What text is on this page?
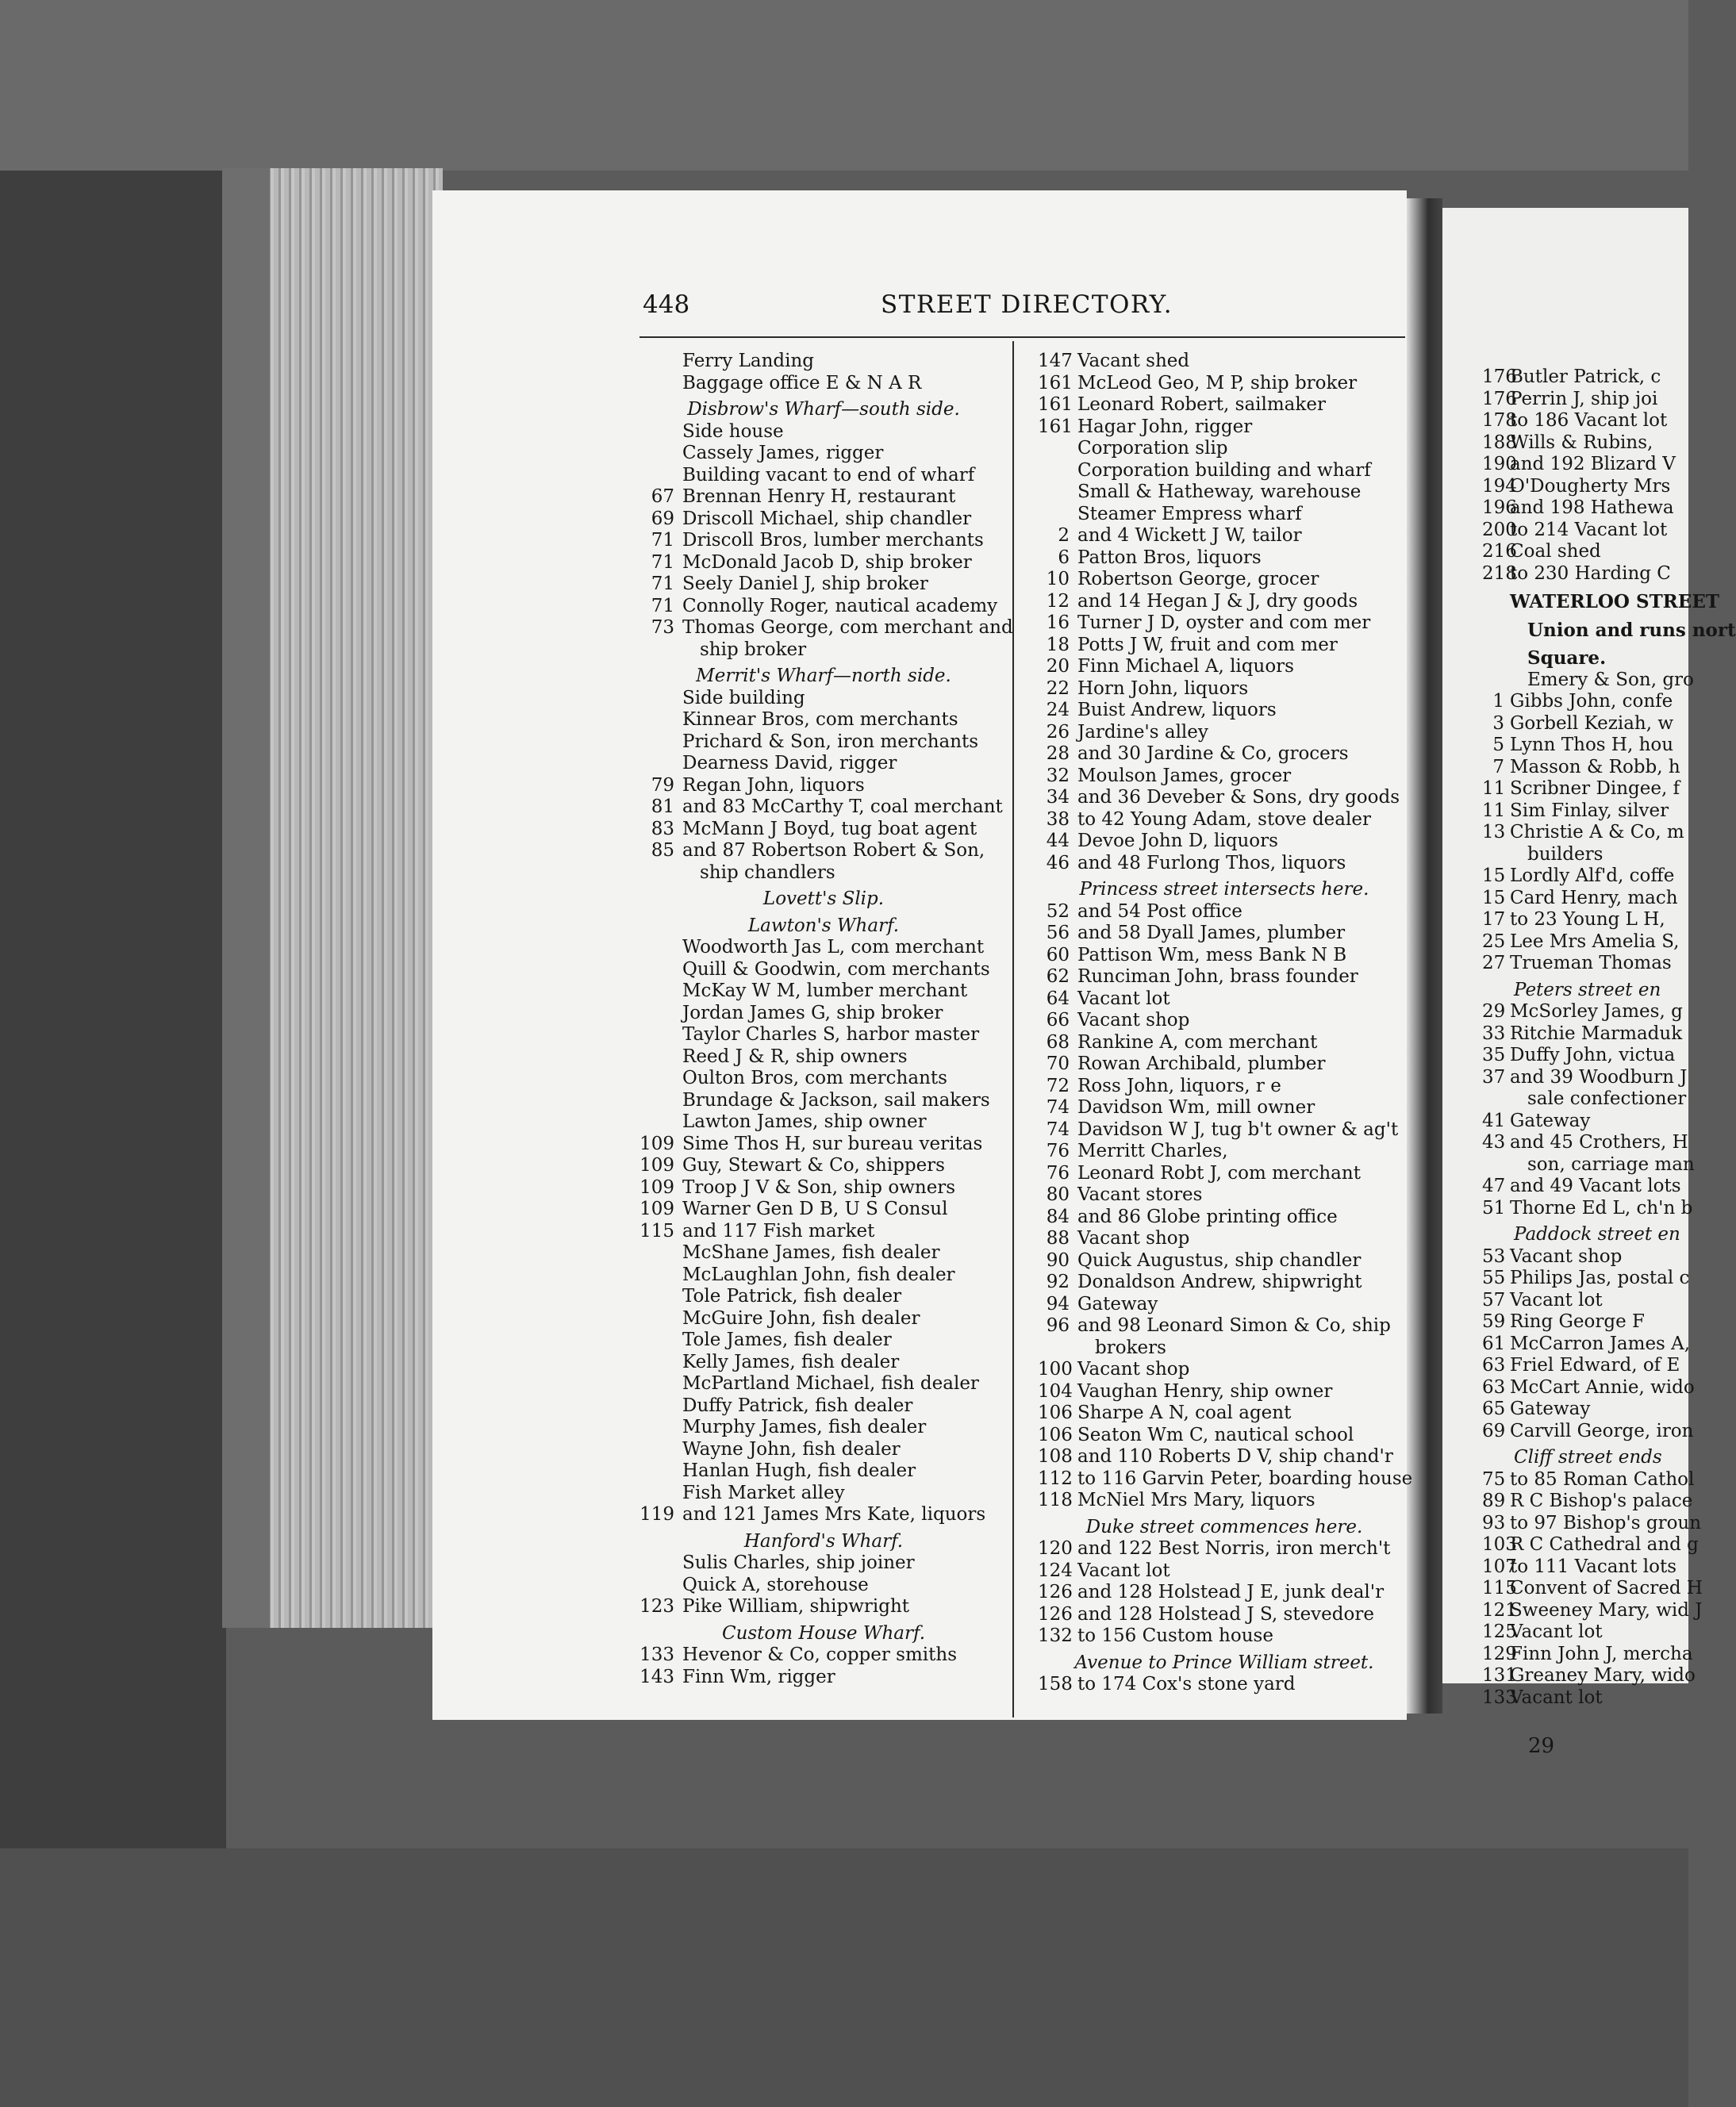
448	STREET DIRECTORY.
Ferry Landing
Baggage office E & N A R
Disbrow's Wharf—south side.
Side house
Cassely James, rigger
Building vacant to end of wharf
67 Brennan Henry H, restaurant
69 Driscoll Michael, ship chandler
71 Driscoll Bros, lumber merchants
71 McDonald Jacob D, ship broker
71 Seely Daniel J, ship broker
71 Connolly Roger, nautical academy
73 Thomas George, com merchant and
ship broker
Merrit's Wharf—north side.
Side building
Kinnear Bros, com merchants
Prichard & Son, iron merchants
Dearness David, rigger
79 Regan John, liquors
81 and 83 McCarthy T, coal merchant
83 McMann J Boyd, tug boat agent
85 and 87 Robertson Robert & Son,
ship chandlers
Lovett's Slip.
Lawton's Wharf.
Woodworth Jas L, com merchant
Quill & Goodwin, com merchants
McKay W M, lumber merchant
Jordan James G, ship broker
Taylor Charles S, harbor master
Reed J & R, ship owners
Oulton Bros, com merchants
Brundage & Jackson, sail makers
Lawton James, ship owner
109 Sime Thos H, sur bureau veritas
109 Guy, Stewart & Co, shippers
109 Troop J V & Son, ship owners
109 Warner Gen D B, U S Consul
115 and 117 Fish market
McShane James, fish dealer
McLaughlan John, fish dealer
Tole Patrick, fish dealer
McGuire John, fish dealer
Tole James, fish dealer
Kelly James, fish dealer
McPartland Michael, fish dealer
Duffy Patrick, fish dealer
Murphy James, fish dealer
Wayne John, fish dealer
Hanlan Hugh, fish dealer
Fish Market alley
119 and 121 James Mrs Kate, liquors
Hanford's Wharf.
Sulis Charles, ship joiner
Quick A, storehouse
123 Pike William, shipwright
Custom House Wharf.
133 Hevenor & Co, copper smiths
143 Finn Wm, rigger
147 Vacant shed
161 McLeod Geo, M P, ship broker
161 Leonard Robert, sailmaker
161 Hagar John, rigger
Corporation slip
Corporation building and wharf
Small & Hatheway, warehouse
Steamer Empress wharf
2 and 4 Wickett J W, tailor
6 Patton Bros, liquors
10 Robertson George, grocer
12 and 14 Hegan J & J, dry goods
16 Turner J D, oyster and com mer
18 Potts J W, fruit and com mer
20 Finn Michael A, liquors
22 Horn John, liquors
24 Buist Andrew, liquors
26 Jardine's alley
28 and 30 Jardine & Co, grocers
32 Moulson James, grocer
34 and 36 Deveber & Sons, dry goods
38 to 42 Young Adam, stove dealer
44 Devoe John D, liquors
46 and 48 Furlong Thos, liquors
Princess street intersects here.
52 and 54 Post office
56 and 58 Dyall James, plumber
60 Pattison Wm, mess Bank N B
62 Runciman John, brass founder
64 Vacant lot
66 Vacant shop
68 Rankine A, com merchant
70 Rowan Archibald, plumber
72 Ross John, liquors, r e
74 Davidson Wm, mill owner
74 Davidson W J, tug b't owner & ag't
76 Merritt Charles,
76 Leonard Robt J, com merchant
80 Vacant stores
84 and 86 Globe printing office
88 Vacant shop
90 Quick Augustus, ship chandler
92 Donaldson Andrew, shipwright
94 Gateway
96 and 98 Leonard Simon & Co, ship
brokers
100 Vacant shop
104 Vaughan Henry, ship owner
106 Sharpe A N, coal agent
106 Seaton Wm C, nautical school
108 and 110 Roberts D V, ship chand'r
112 to 116 Garvin Peter, boarding house
118 McNiel Mrs Mary, liquors
Duke street commences here.
120 and 122 Best Norris, iron merch't
124 Vacant lot
126 and 128 Holstead J E, junk deal'r
126 and 128 Holstead J S, stevedore
132 to 156 Custom house
Avenue to Prince William street.
158 to 174 Cox's stone yard
176
Butler Patrick, c
176
Perrin J, ship joi
178
to 186 Vacant lot
188
Wills & Rubins,
190
and 192 Blizard V
194
O'Dougherty Mrs
196
and 198 Hathewa
200
to 214 Vacant lot
216
Coal shed
218
to 230 Harding C
WATERLOO STREET
Union and runs nort
Square.
Emery & Son, gro
1 Gibbs John, confe
3 Gorbell Keziah, w
5 Lynn Thos H, hou
7 Masson & Robb, h
11 Scribner Dingee, f
11 Sim Finlay, silver
13 Christie A & Co, m
builders
15 Lordly Alf'd, coffe
15 Card Henry, mach
17 to 23 Young L H,
25 Lee Mrs Amelia S,
27 Trueman Thomas
Peters street en
29 McSorley James, g
33 Ritchie Marmaduk
35 Duffy John, victua
37 and 39 Woodburn J
sale confectioner
41 Gateway
43 and 45 Crothers, H
son, carriage man
47 and 49 Vacant lots
51 Thorne Ed L, ch'n b
Paddock street en
53 Vacant shop
55 Philips Jas, postal c
57 Vacant lot
59 Ring George F
61 McCarron James A,
63 Friel Edward, of E
63 McCart Annie, wido
65 Gateway
69 Carvill George, iron
Cliff street ends
75 to 85 Roman Cathol
89 R C Bishop's palace
93 to 97 Bishop's groun
103
R C Cathedral and g
107
to 111 Vacant lots
115
Convent of Sacred H
121
Sweeney Mary, wid J
125
Vacant lot
129
Finn John J, mercha
131
Greaney Mary, wido
133
Vacant lot
29
